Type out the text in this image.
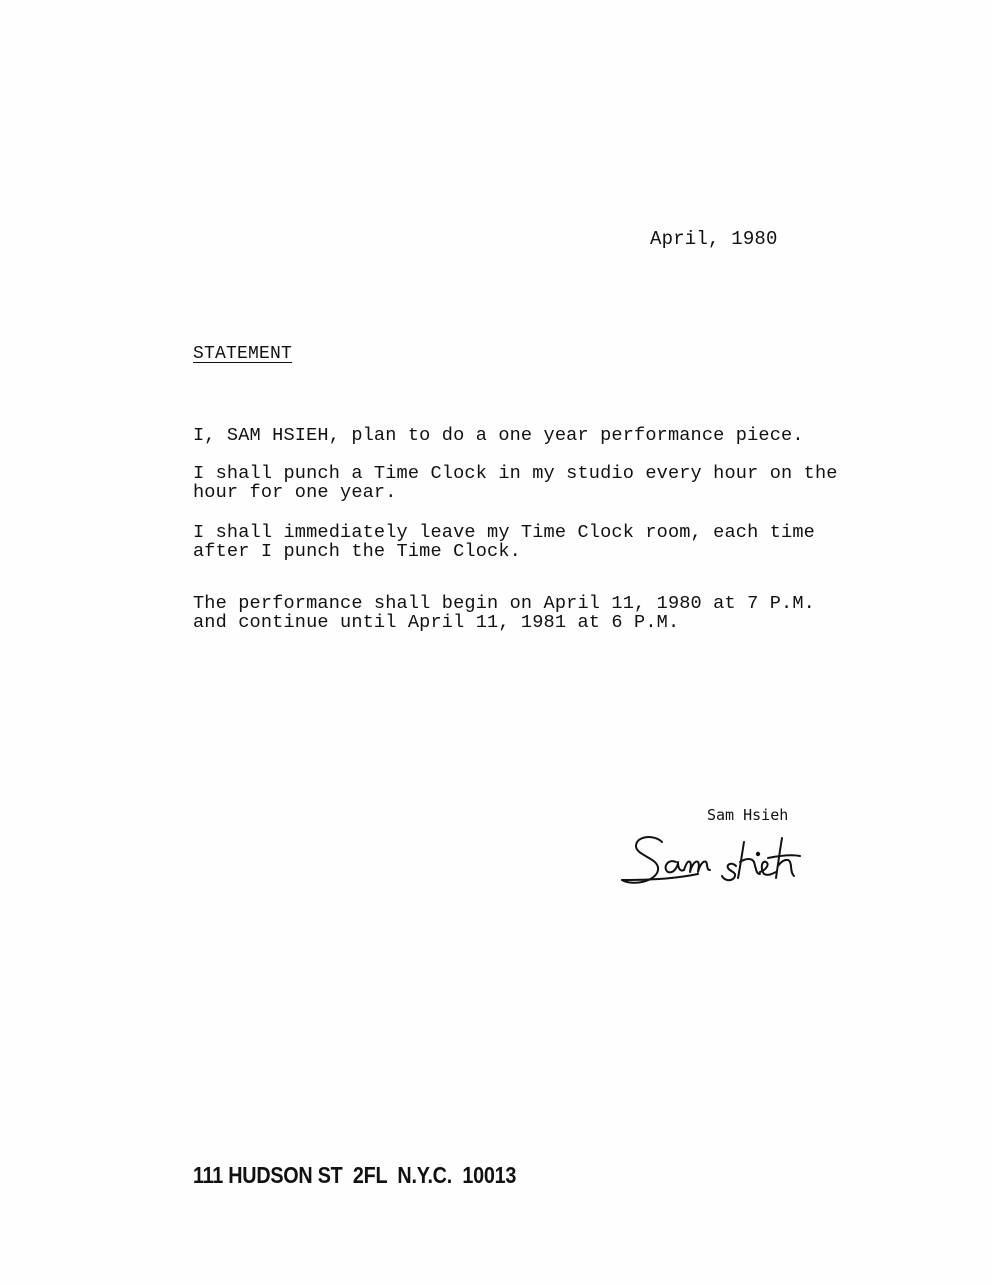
April, 1980
STATEMENT
I, SAM HSIEH, plan to do a one year performance piece.
I shall punch a Time Clock in my studio every hour on the
hour for one year.
I shall immediately leave my Time Clock room, each time
after I punch the Time Clock.
The performance shall begin on April 11, 1980 at 7 P.M.
and continue until April 11, 1981 at 6 P.M.
Sam Hsieh
111 HUDSON ST  2FL  N.Y.C.  10013
